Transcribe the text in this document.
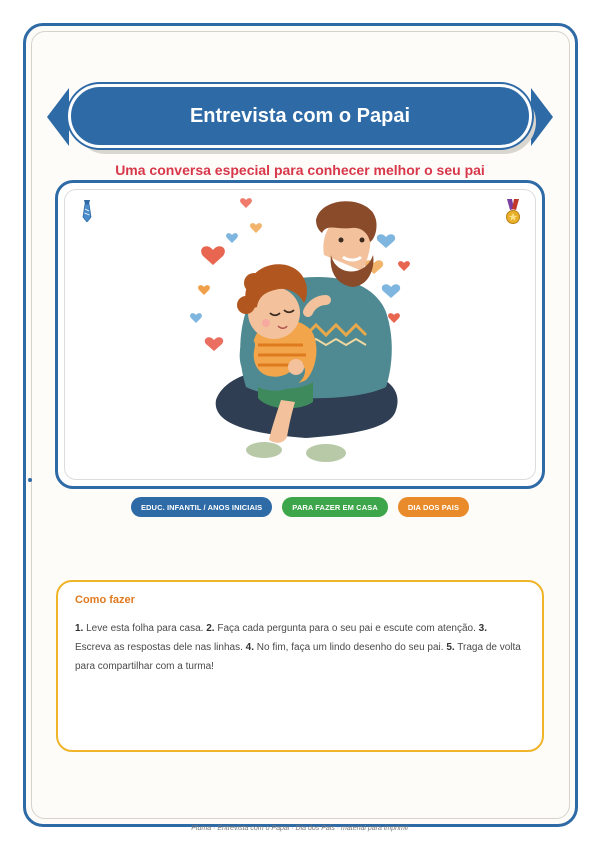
Entrevista com o Papai
Uma conversa especial para conhecer melhor o seu pai
EDUC. INFANTIL / ANOS INICIAIS	PARA FAZER EM CASA	DIA DOS PAIS
Como fazer
1. Leve esta folha para casa. 2. Faça cada pergunta para o seu pai e escute com atenção. 3. Escreva as respostas dele nas linhas. 4. No fim, faça um lindo desenho do seu pai. 5. Traga de volta para compartilhar com a turma!
Pluma · Entrevista com o Papai · Dia dos Pais · material para imprimir
